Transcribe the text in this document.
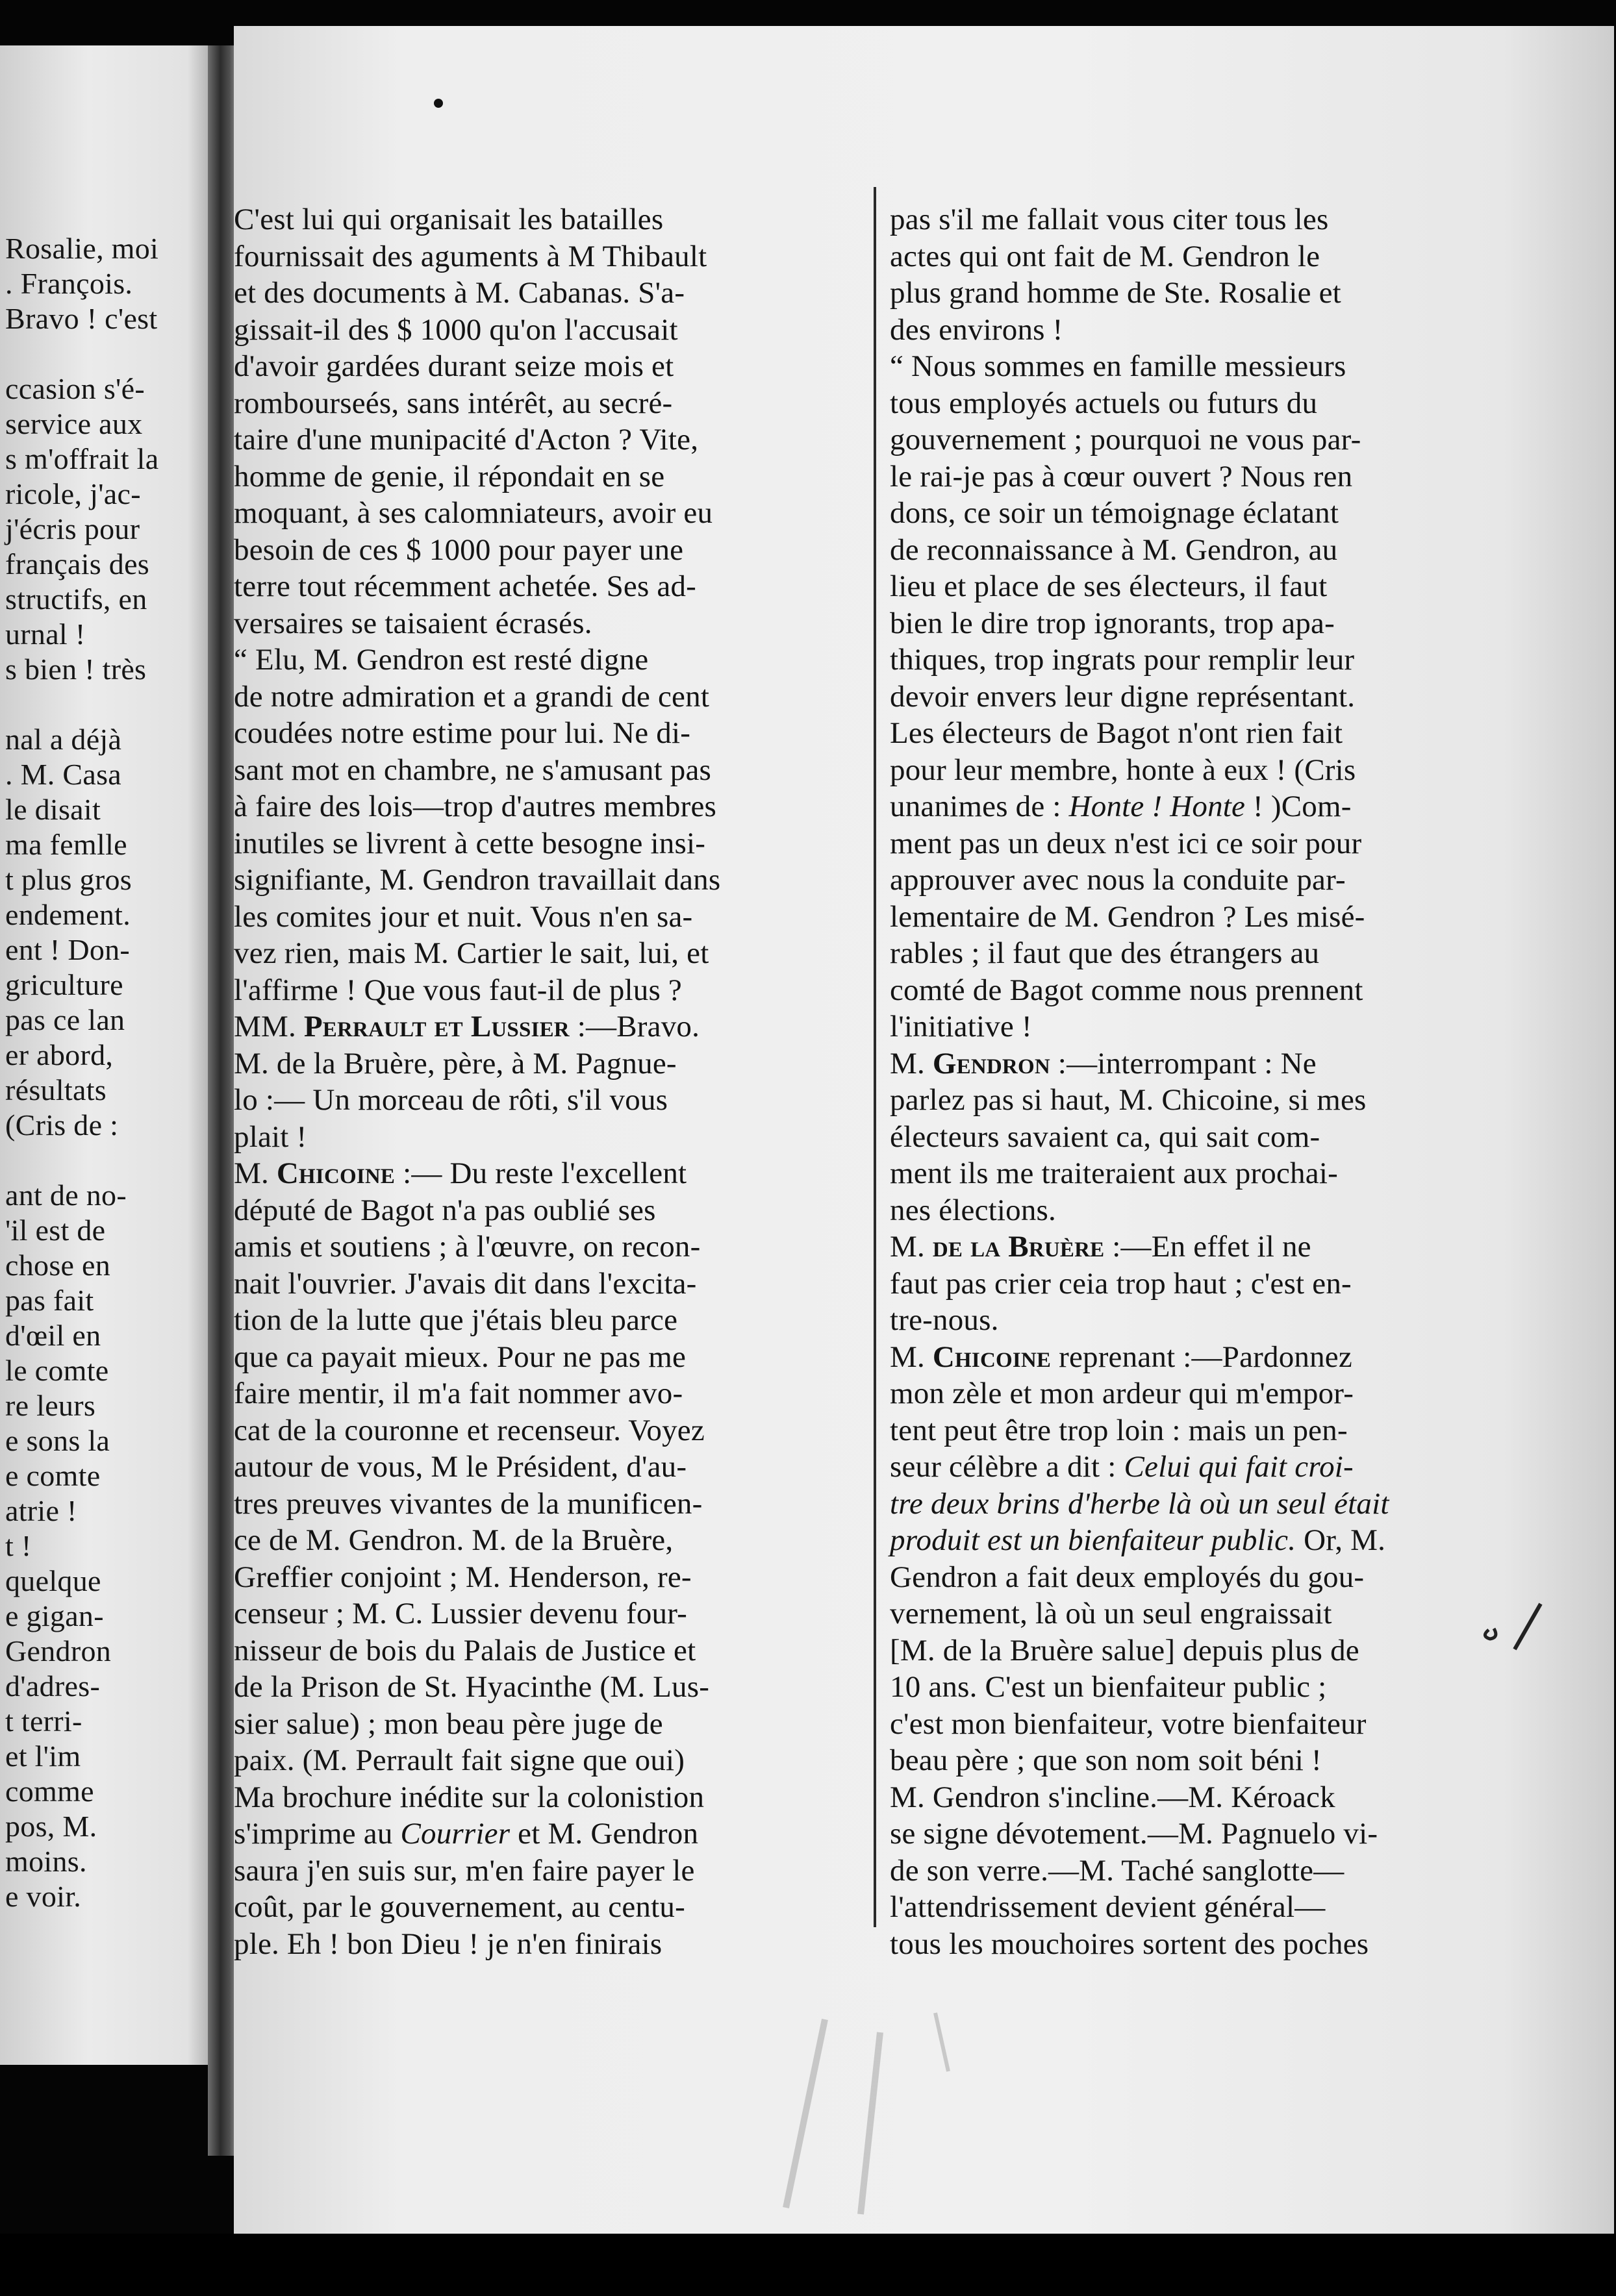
Rosalie, moi
. François.
Bravo ! c'est
ccasion s'é-
service aux
s m'offrait la
ricole, j'ac-
j'écris pour
français des
structifs, en
urnal !
s bien ! très
nal a déjà
. M. Casa
le disait
ma femlle
t plus gros
endement.
ent ! Don-
griculture
pas ce lan
er abord,
résultats
(Cris de :
ant de no-
'il est de
chose en
pas fait
d'œil en
le comte
re leurs
e sons la
e comte
atrie !
t !
quelque
e gigan-
Gendron
d'adres-
t terri-
et l'im
comme
pos, M.
moins.
e voir.
C'est lui qui organisait les batailles
fournissait des aguments à M Thibault
et des documents à M. Cabanas. S'a-
gissait-il des $ 1000 qu'on l'accusait
d'avoir gardées durant seize mois et
rombourseés, sans intérêt, au secré-
taire d'une munipacité d'Acton ? Vite,
homme de genie, il répondait en se
moquant, à ses calomniateurs, avoir eu
besoin de ces $ 1000 pour payer une
terre tout récemment achetée. Ses ad-
versaires se taisaient écrasés.
“ Elu, M. Gendron est resté digne
de notre admiration et a grandi de cent
coudées notre estime pour lui. Ne di-
sant mot en chambre, ne s'amusant pas
à faire des lois—trop d'autres membres
inutiles se livrent à cette besogne insi-
signifiante, M. Gendron travaillait dans
les comites jour et nuit. Vous n'en sa-
vez rien, mais M. Cartier le sait, lui, et
l'affirme ! Que vous faut-il de plus ?
MM. Perrault et Lussier :—Bravo.
M. de la Bruère, père, à M. Pagnue-
lo :— Un morceau de rôti, s'il vous
plait !
M. Chicoine :— Du reste l'excellent
député de Bagot n'a pas oublié ses
amis et soutiens ; à l'œuvre, on recon-
nait l'ouvrier. J'avais dit dans l'excita-
tion de la lutte que j'étais bleu parce
que ca payait mieux. Pour ne pas me
faire mentir, il m'a fait nommer avo-
cat de la couronne et recenseur. Voyez
autour de vous, M le Président, d'au-
tres preuves vivantes de la munificen-
ce de M. Gendron. M. de la Bruère,
Greffier conjoint ; M. Henderson, re-
censeur ; M. C. Lussier devenu four-
nisseur de bois du Palais de Justice et
de la Prison de St. Hyacinthe (M. Lus-
sier salue) ; mon beau père juge de
paix. (M. Perrault fait signe que oui)
Ma brochure inédite sur la colonistion
s'imprime au Courrier et M. Gendron
saura j'en suis sur, m'en faire payer le
coût, par le gouvernement, au centu-
ple. Eh ! bon Dieu ! je n'en finirais
pas s'il me fallait vous citer tous les
actes qui ont fait de M. Gendron le
plus grand homme de Ste. Rosalie et
des environs !
“ Nous sommes en famille messieurs
tous employés actuels ou futurs du
gouvernement ; pourquoi ne vous par-
le rai-je pas à cœur ouvert ? Nous ren
dons, ce soir un témoignage éclatant
de reconnaissance à M. Gendron, au
lieu et place de ses électeurs, il faut
bien le dire trop ignorants, trop apa-
thiques, trop ingrats pour remplir leur
devoir envers leur digne représentant.
Les électeurs de Bagot n'ont rien fait
pour leur membre, honte à eux ! (Cris
unanimes de : Honte ! Honte ! )Com-
ment pas un deux n'est ici ce soir pour
approuver avec nous la conduite par-
lementaire de M. Gendron ? Les misé-
rables ; il faut que des étrangers au
comté de Bagot comme nous prennent
l'initiative !
M. Gendron :—interrompant : Ne
parlez pas si haut, M. Chicoine, si mes
électeurs savaient ca, qui sait com-
ment ils me traiteraient aux prochai-
nes élections.
M. de la Bruère :—En effet il ne
faut pas crier ceia trop haut ; c'est en-
tre-nous.
M. Chicoine reprenant :—Pardonnez
mon zèle et mon ardeur qui m'empor-
tent peut être trop loin : mais un pen-
seur célèbre a dit : Celui qui fait croi-
tre deux brins d'herbe là où un seul était
produit est un bienfaiteur public. Or, M.
Gendron a fait deux employés du gou-
vernement, là où un seul engraissait
[M. de la Bruère salue] depuis plus de
10 ans. C'est un bienfaiteur public ;
c'est mon bienfaiteur, votre bienfaiteur
beau père ; que son nom soit béni !
M. Gendron s'incline.—M. Kéroack
se signe dévotement.—M. Pagnuelo vi-
de son verre.—M. Taché sanglotte—
l'attendrissement devient général—
tous les mouchoires sortent des poches
